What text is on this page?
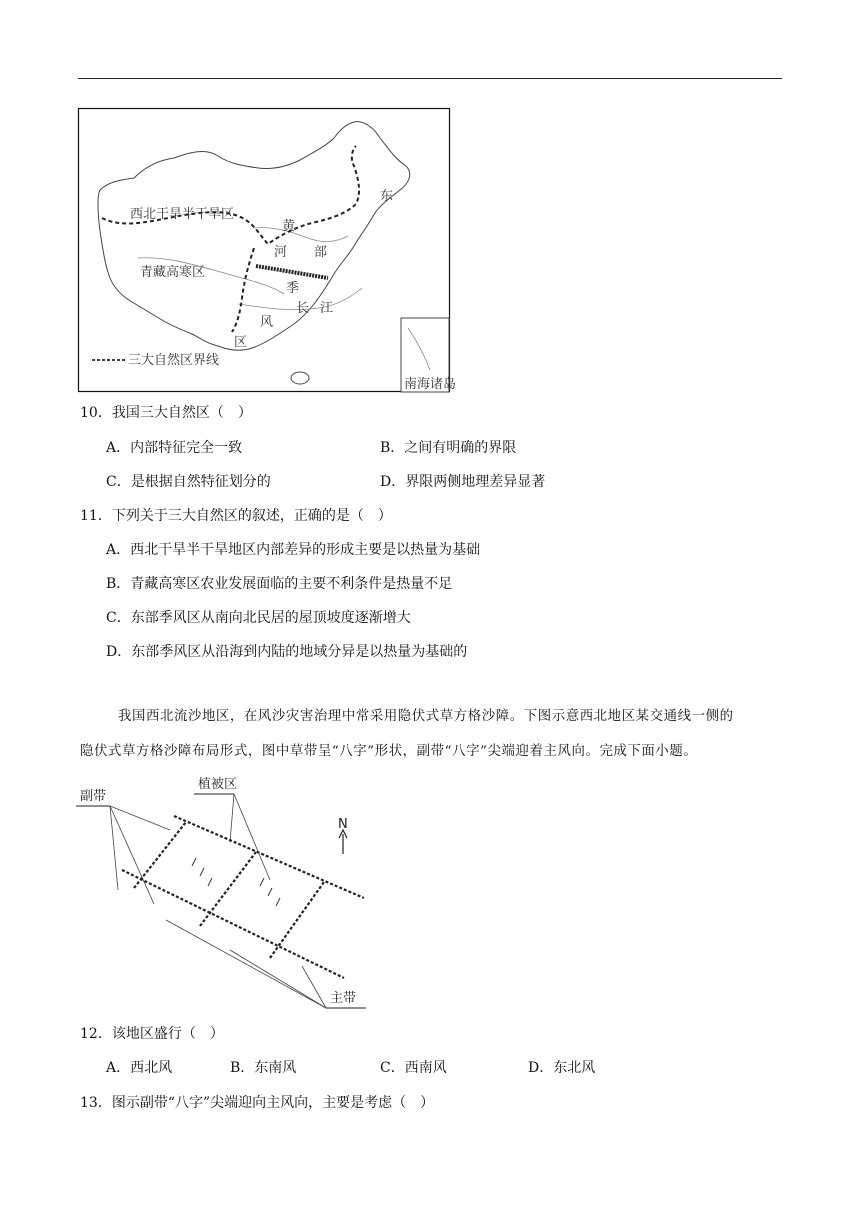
南海诸岛
西北干旱半干旱区
青藏高寒区
东
黄
河 部
季
长 江
风
区
三大自然区界线
10．我国三大自然区（　）
A．内部特征完全一致	B．之间有明确的界限
C．是根据自然特征划分的	D．界限两侧地理差异显著
11．下列关于三大自然区的叙述，正确的是（　）
A．西北干旱半干旱地区内部差异的形成主要是以热量为基础
B．青藏高寒区农业发展面临的主要不利条件是热量不足
C．东部季风区从南向北民居的屋顶坡度逐渐增大
D．东部季风区从沿海到内陆的地域分异是以热量为基础的
我国西北流沙地区，在风沙灾害治理中常采用隐伏式草方格沙障。下图示意西北地区某交通线一侧的
隐伏式草方格沙障布局形式，图中草带呈“八字”形状，副带“八字”尖端迎着主风向。完成下面小题。
副带
植被区
N
主带
12．该地区盛行（　）
A．西北风	B．东南风	C．西南风	D．东北风
13．图示副带“八字”尖端迎向主风向，主要是考虑（　）
